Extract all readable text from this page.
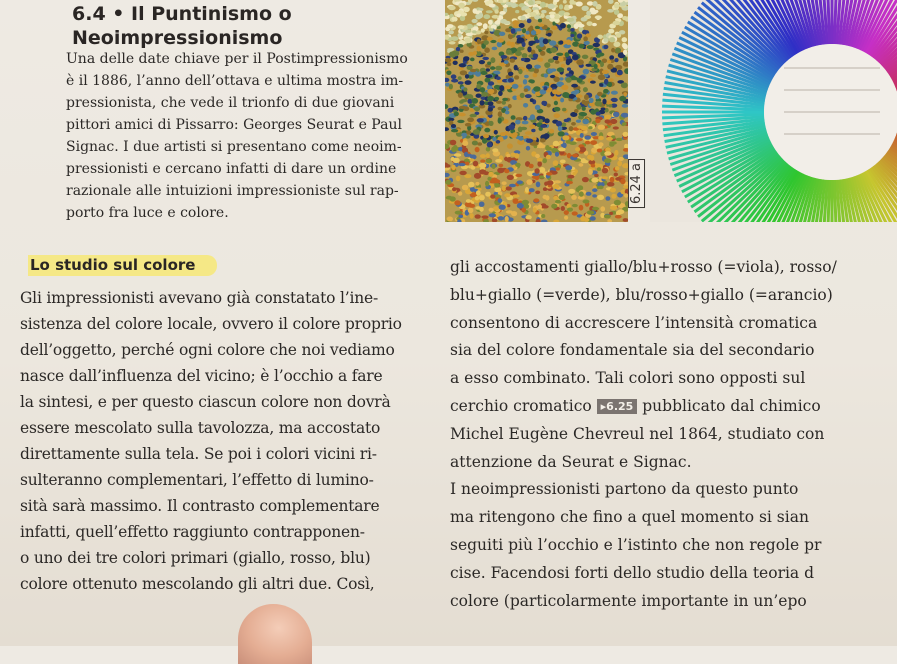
6.4 • Il Puntinismo o
Neoimpressionismo
Una delle date chiave per il Postimpressionismo
è il 1886, l’anno dell’ottava e ultima mostra im-
pressionista, che vede il trionfo di due giovani
pittori amici di Pissarro: Georges Seurat e Paul
Signac. I due artisti si presentano come neoim-
pressionisti e cercano infatti di dare un ordine
razionale alle intuizioni impressioniste sul rap-
porto fra luce e colore.
6.24 a
Lo studio sul colore
Gli impressionisti avevano già constatato l’ine-
sistenza del colore locale, ovvero il colore proprio
dell’oggetto, perché ogni colore che noi vediamo
nasce dall’influenza del vicino; è l’occhio a fare
la sintesi, e per questo ciascun colore non dovrà
essere mescolato sulla tavolozza, ma accostato
direttamente sulla tela. Se poi i colori vicini ri-
sulteranno complementari, l’effetto di lumino-
sità sarà massimo. Il contrasto complementare
infatti, quell’effetto raggiunto contrapponen-
o uno dei tre colori primari (giallo, rosso, blu)
colore ottenuto mescolando gli altri due. Così,
gli accostamenti giallo/blu+rosso (=viola), rosso/
blu+giallo (=verde), blu/rosso+giallo (=arancio)
consentono di accrescere l’intensità cromatica
sia del colore fondamentale sia del secondario
a esso combinato. Tali colori sono opposti sul
cerchio cromatico ▸6.25 pubblicato dal chimico
Michel Eugène Chevreul nel 1864, studiato con
attenzione da Seurat e Signac.
I neoimpressionisti partono da questo punto
ma ritengono che fino a quel momento si sian
seguiti più l’occhio e l’istinto che non regole pr
cise. Facendosi forti dello studio della teoria d
colore (particolarmente importante in un’epo
